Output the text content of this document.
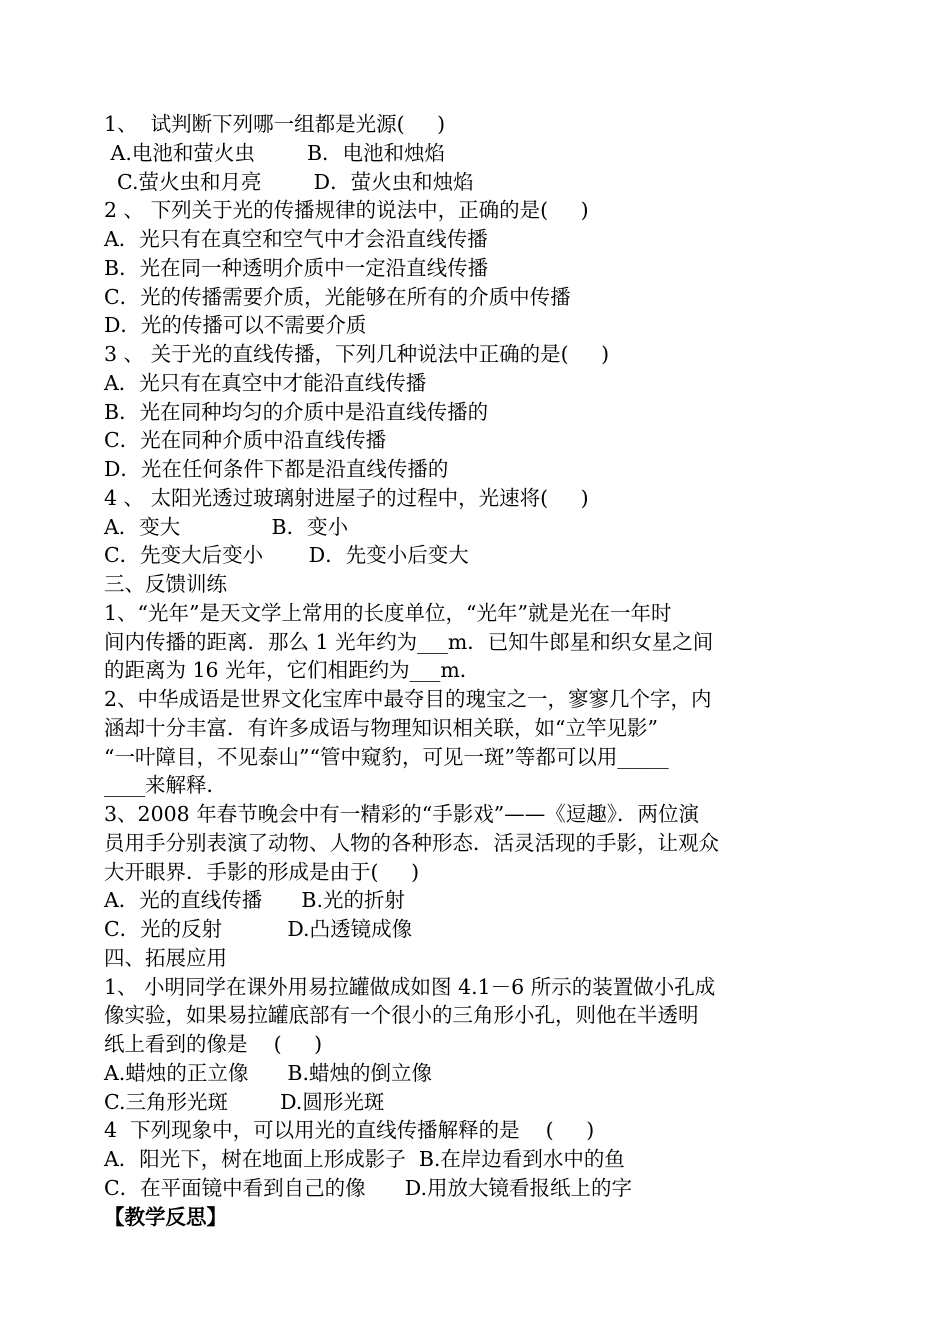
1、  试判断下列哪一组都是光源(     )
A.电池和萤火虫        B．电池和烛焰
C.萤火虫和月亮        D．萤火虫和烛焰
2 、 下列关于光的传播规律的说法中，正确的是(     )
A．光只有在真空和空气中才会沿直线传播
B．光在同一种透明介质中一定沿直线传播
C．光的传播需要介质，光能够在所有的介质中传播
D．光的传播可以不需要介质
3 、 关于光的直线传播，下列几种说法中正确的是(     )
A．光只有在真空中才能沿直线传播
B．光在同种均匀的介质中是沿直线传播的
C．光在同种介质中沿直线传播
D．光在任何条件下都是沿直线传播的
4 、 太阳光透过玻璃射进屋子的过程中，光速将(     )
A．变大              B．变小
C．先变大后变小       D．先变小后变大
三、反馈训练
1、“光年”是天文学上常用的长度单位，“光年”就是光在一年时
间内传播的距离．那么 1 光年约为___m．已知牛郎星和织女星之间
的距离为 16 光年，它们相距约为___m．
2、中华成语是世界文化宝库中最夺目的瑰宝之一，寥寥几个字，内
涵却十分丰富．有许多成语与物理知识相关联，如“立竿见影”
“一叶障目，不见泰山”“管中窥豹，可见一斑”等都可以用_____
____来解释．
3、2008 年春节晚会中有一精彩的“手影戏”——《逗趣》．两位演
员用手分别表演了动物、人物的各种形态．活灵活现的手影，让观众
大开眼界．手影的形成是由于(     )
A．光的直线传播      B.光的折射
C．光的反射          D.凸透镜成像
四、拓展应用
1、 小明同学在课外用易拉罐做成如图 4.1－6 所示的装置做小孔成
像实验，如果易拉罐底部有一个很小的三角形小孔，则他在半透明
纸上看到的像是    (     )
A.蜡烛的正立像      B.蜡烛的倒立像
C.三角形光斑        D.圆形光斑
4  下列现象中，可以用光的直线传播解释的是    (     )
A．阳光下，树在地面上形成影子  B.在岸边看到水中的鱼
C．在平面镜中看到自己的像      D.用放大镜看报纸上的字
【教学反思】
